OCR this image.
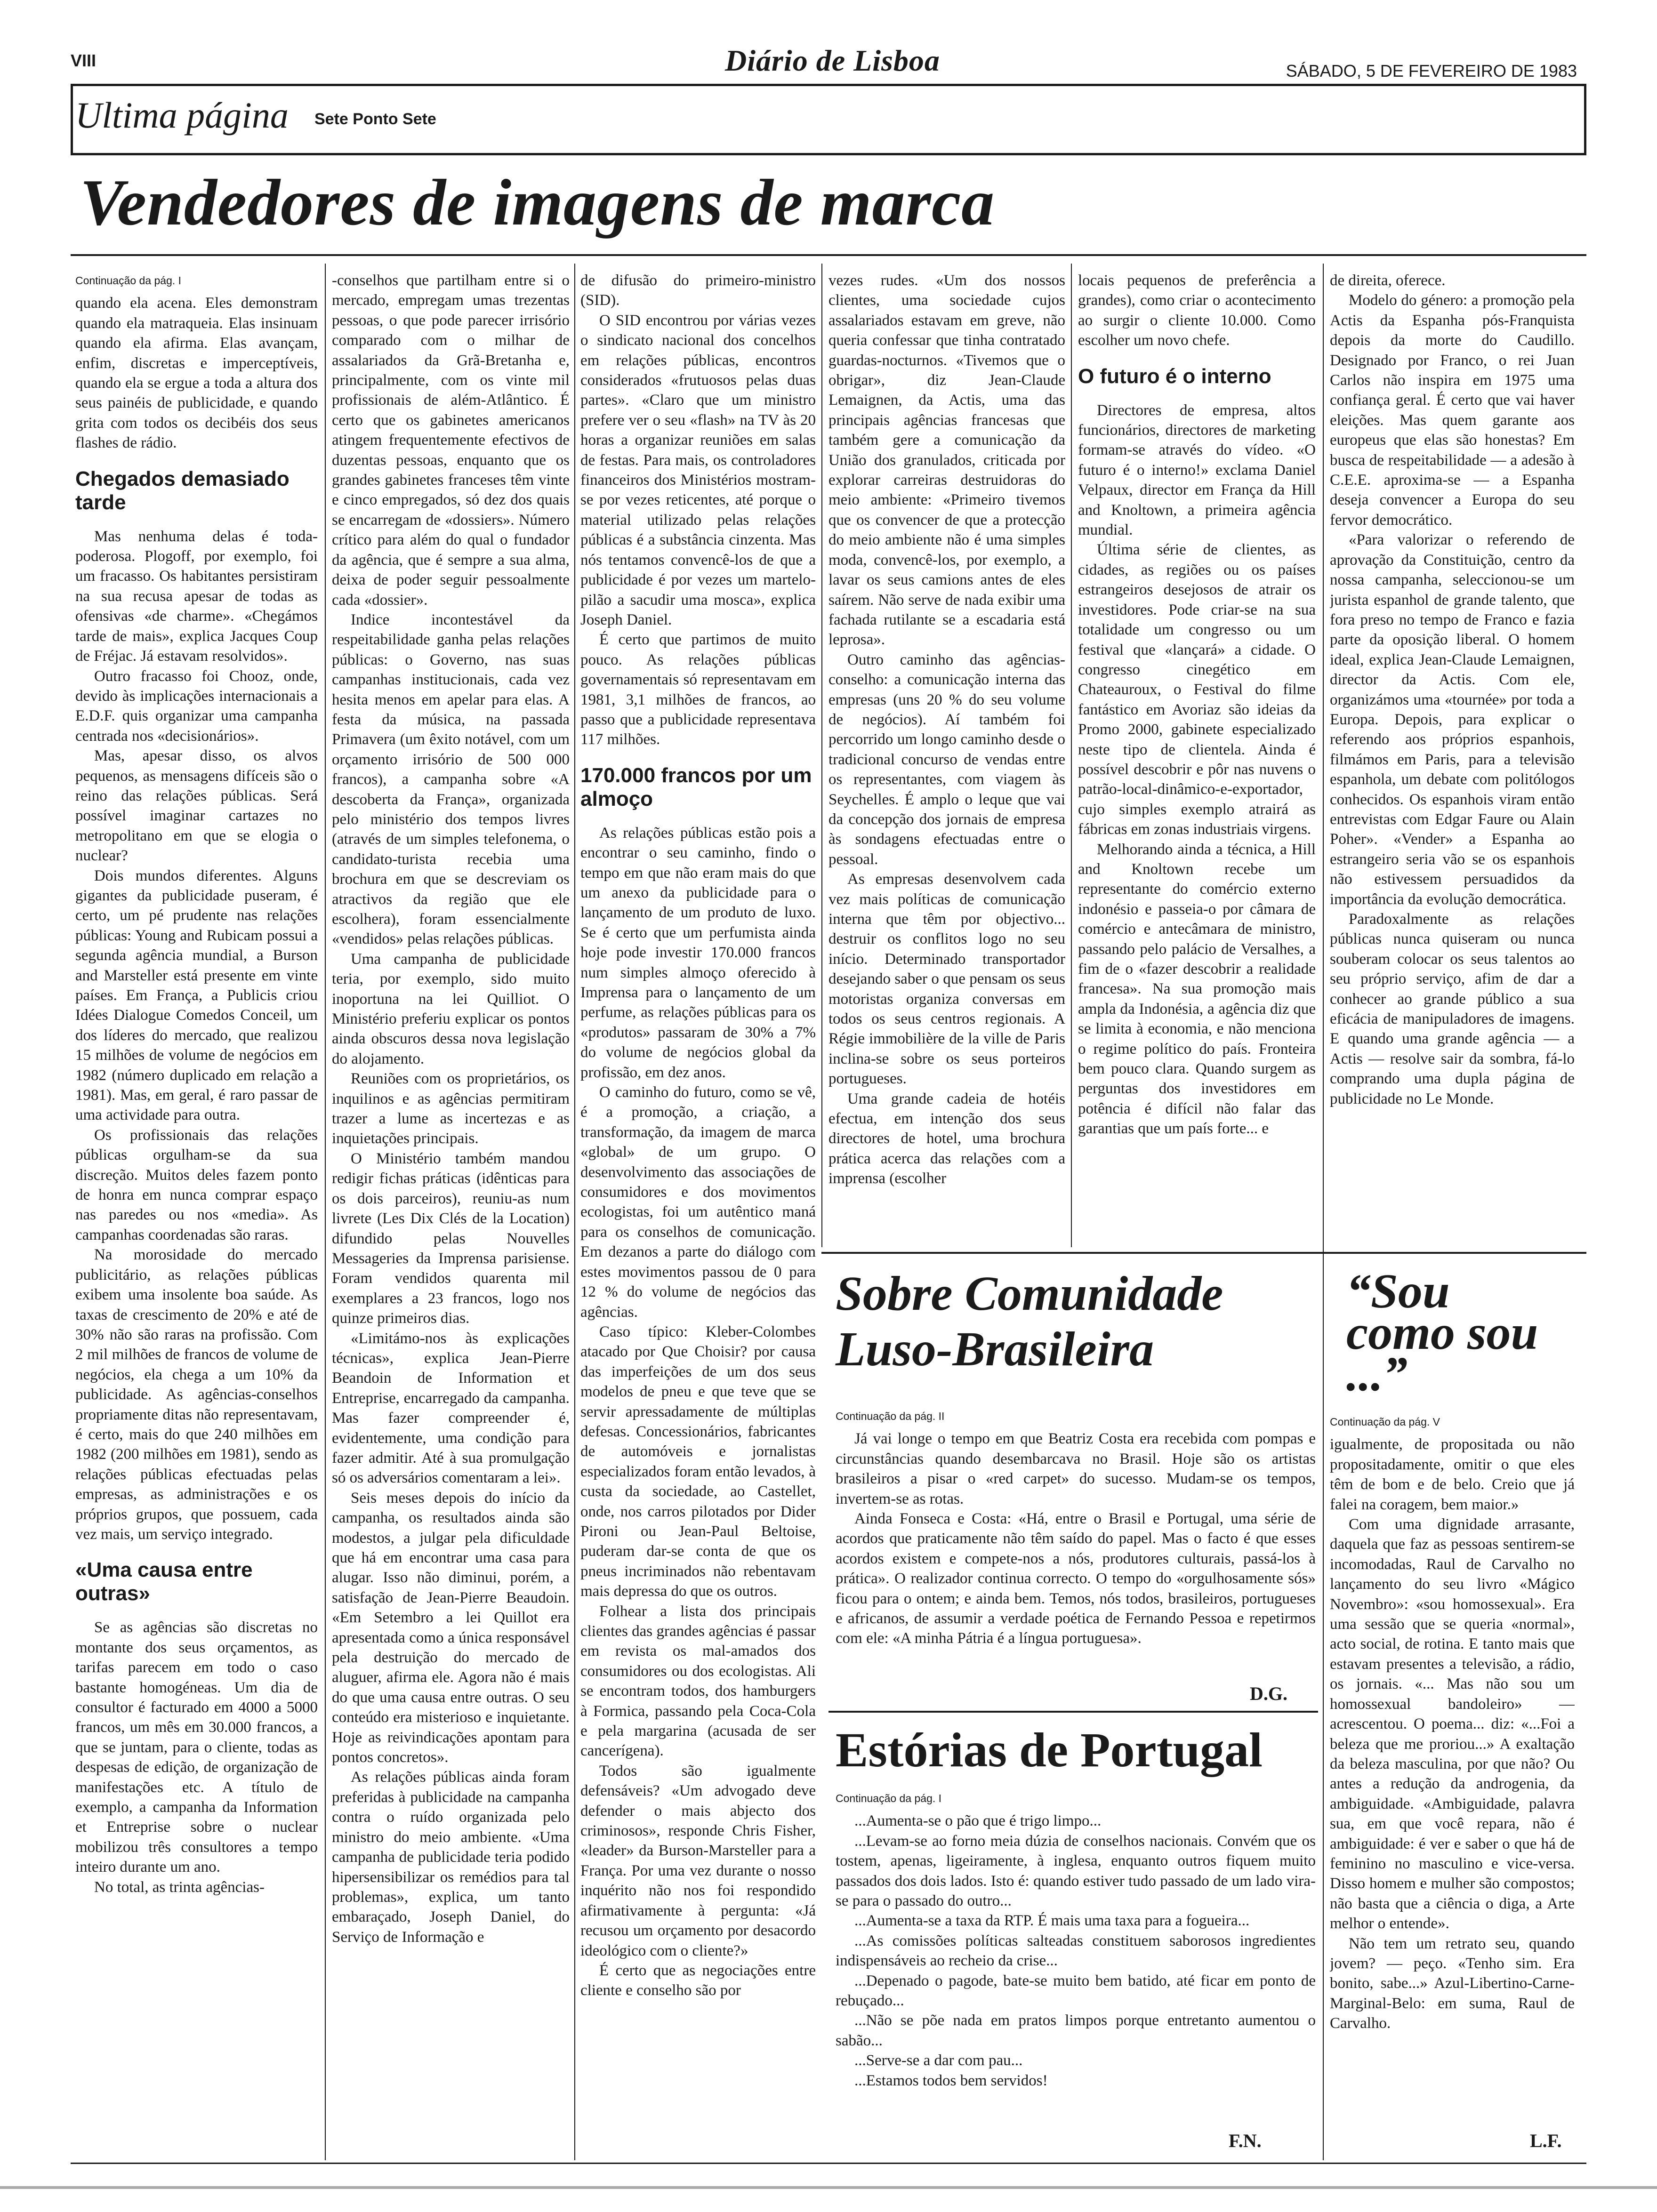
VIII	Diário de Lisboa	SÁBADO, 5 DE FEVEREIRO DE 1983
Ultima página Sete Ponto Sete
Vendedores de imagens de marca

Continuação da pág. I

quando ela acena. Eles demonstram quando ela matraqueia. Elas insinuam quando ela afirma. Elas avançam, enfim, discretas e imperceptíveis, quando ela se ergue a toda a altura dos seus painéis de publicidade, e quando grita com todos os decibéis dos seus flashes de rádio.

Chegados demasiado tarde

Mas nenhuma delas é toda-poderosa. Plogoff, por exemplo, foi um fracasso. Os habitantes persistiram na sua recusa apesar de todas as ofensivas «de charme». «Chegámos tarde de mais», explica Jacques Coup de Fréjac. Já estavam resolvidos».

Outro fracasso foi Chooz, onde, devido às implicações internacionais a E.D.F. quis organizar uma campanha centrada nos «decisionários».

Mas, apesar disso, os alvos pequenos, as mensagens difíceis são o reino das relações públicas. Será possível imaginar cartazes no metropolitano em que se elogia o nuclear?

Dois mundos diferentes. Alguns gigantes da publicidade puseram, é certo, um pé prudente nas relações públicas: Young and Rubicam possui a segunda agência mundial, a Burson and Marsteller está presente em vinte países. Em França, a Publicis criou Idées Dialogue Comedos Conceil, um dos líderes do mercado, que realizou 15 milhões de volume de negócios em 1982 (número duplicado em relação a 1981). Mas, em geral, é raro passar de uma actividade para outra.

Os profissionais das relações públicas orgulham-se da sua discreção. Muitos deles fazem ponto de honra em nunca comprar espaço nas paredes ou nos «media». As campanhas coordenadas são raras.

Na morosidade do mercado publicitário, as relações públicas exibem uma insolente boa saúde. As taxas de crescimento de 20% e até de 30% não são raras na profissão. Com 2 mil milhões de francos de volume de negócios, ela chega a um 10% da publicidade. As agências-conselhos propriamente ditas não representavam, é certo, mais do que 240 milhões em 1982 (200 milhões em 1981), sendo as relações públicas efectuadas pelas empresas, as administrações e os próprios grupos, que possuem, cada vez mais, um serviço integrado.

«Uma causa entre outras»

Se as agências são discretas no montante dos seus orçamentos, as tarifas parecem em todo o caso bastante homogéneas. Um dia de consultor é facturado em 4000 a 5000 francos, um mês em 30.000 francos, a que se juntam, para o cliente, todas as despesas de edição, de organização de manifestações etc. A título de exemplo, a campanha da Information et Entreprise sobre o nuclear mobilizou três consultores a tempo inteiro durante um ano.

No total, as trinta agências-

-conselhos que partilham entre si o mercado, empregam umas trezentas pessoas, o que pode parecer irrisório comparado com o milhar de assalariados da Grã-Bretanha e, principalmente, com os vinte mil profissionais de além-Atlântico. É certo que os gabinetes americanos atingem frequentemente efectivos de duzentas pessoas, enquanto que os grandes gabinetes franceses têm vinte e cinco empregados, só dez dos quais se encarregam de «dossiers». Número crítico para além do qual o fundador da agência, que é sempre a sua alma, deixa de poder seguir pessoalmente cada «dossier».

Indice incontestável da respeitabilidade ganha pelas relações públicas: o Governo, nas suas campanhas institucionais, cada vez hesita menos em apelar para elas. A festa da música, na passada Primavera (um êxito notável, com um orçamento irrisório de 500 000 francos), a campanha sobre «A descoberta da França», organizada pelo ministério dos tempos livres (através de um simples telefonema, o candidato-turista recebia uma brochura em que se descreviam os atractivos da região que ele escolhera), foram essencialmente «vendidos» pelas relações públicas.

Uma campanha de publicidade teria, por exemplo, sido muito inoportuna na lei Quilliot. O Ministério preferiu explicar os pontos ainda obscuros dessa nova legislação do alojamento.

Reuniões com os proprietários, os inquilinos e as agências permitiram trazer a lume as incertezas e as inquietações principais.

O Ministério também mandou redigir fichas práticas (idênticas para os dois parceiros), reuniu-as num livrete (Les Dix Clés de la Location) difundido pelas Nouvelles Messageries da Imprensa parisiense. Foram vendidos quarenta mil exemplares a 23 francos, logo nos quinze primeiros dias.

«Limitámo-nos às explicações técnicas», explica Jean-Pierre Beandoin de Information et Entreprise, encarregado da campanha. Mas fazer compreender é, evidentemente, uma condição para fazer admitir. Até à sua promulgação só os adversários comentaram a lei».

Seis meses depois do início da campanha, os resultados ainda são modestos, a julgar pela dificuldade que há em encontrar uma casa para alugar. Isso não diminui, porém, a satisfação de Jean-Pierre Beaudoin. «Em Setembro a lei Quillot era apresentada como a única responsável pela destruição do mercado de aluguer, afirma ele. Agora não é mais do que uma causa entre outras. O seu conteúdo era misterioso e inquietante. Hoje as reivindicações apontam para pontos concretos».

As relações públicas ainda foram preferidas à publicidade na campanha contra o ruído organizada pelo ministro do meio ambiente. «Uma campanha de publicidade teria podido hipersensibilizar os remédios para tal problemas», explica, um tanto embaraçado, Joseph Daniel, do Serviço de Informação e

de difusão do primeiro-ministro (SID).

O SID encontrou por várias vezes o sindicato nacional dos concelhos em relações públicas, encontros considerados «frutuosos pelas duas partes». «Claro que um ministro prefere ver o seu «flash» na TV às 20 horas a organizar reuniões em salas de festas. Para mais, os controladores financeiros dos Ministérios mostram-se por vezes reticentes, até porque o material utilizado pelas relações públicas é a substância cinzenta. Mas nós tentamos convencê-los de que a publicidade é por vezes um martelo-pilão a sacudir uma mosca», explica Joseph Daniel.

É certo que partimos de muito pouco. As relações públicas governamentais só representavam em 1981, 3,1 milhões de francos, ao passo que a publicidade representava 117 milhões.

170.000 francos por um almoço

As relações públicas estão pois a encontrar o seu caminho, findo o tempo em que não eram mais do que um anexo da publicidade para o lançamento de um produto de luxo. Se é certo que um perfumista ainda hoje pode investir 170.000 francos num simples almoço oferecido à Imprensa para o lançamento de um perfume, as relações públicas para os «produtos» passaram de 30% a 7% do volume de negócios global da profissão, em dez anos.

O caminho do futuro, como se vê, é a promoção, a criação, a transformação, da imagem de marca «global» de um grupo. O desenvolvimento das associações de consumidores e dos movimentos ecologistas, foi um autêntico maná para os conselhos de comunicação. Em dezanos a parte do diálogo com estes movimentos passou de 0 para 12 % do volume de negócios das agências.

Caso típico: Kleber-Colombes atacado por Que Choisir? por causa das imperfeições de um dos seus modelos de pneu e que teve que se servir apressadamente de múltiplas defesas. Concessionários, fabricantes de automóveis e jornalistas especializados foram então levados, à custa da sociedade, ao Castellet, onde, nos carros pilotados por Dider Pironi ou Jean-Paul Beltoise, puderam dar-se conta de que os pneus incriminados não rebentavam mais depressa do que os outros.

Folhear a lista dos principais clientes das grandes agências é passar em revista os mal-amados dos consumidores ou dos ecologistas. Ali se encontram todos, dos hamburgers à Formica, passando pela Coca-Cola e pela margarina (acusada de ser cancerígena).

Todos são igualmente defensáveis? «Um advogado deve defender o mais abjecto dos criminosos», responde Chris Fisher, «leader» da Burson-Marsteller para a França. Por uma vez durante o nosso inquérito não nos foi respondido afirmativamente à pergunta: «Já recusou um orçamento por desacordo ideológico com o cliente?»

É certo que as negociações entre cliente e conselho são por

vezes rudes. «Um dos nossos clientes, uma sociedade cujos assalariados estavam em greve, não queria confessar que tinha contratado guardas-nocturnos. «Tivemos que o obrigar», diz Jean-Claude Lemaignen, da Actis, uma das principais agências francesas que também gere a comunicação da União dos granulados, criticada por explorar carreiras destruidoras do meio ambiente: «Primeiro tivemos que os convencer de que a protecção do meio ambiente não é uma simples moda, convencê-los, por exemplo, a lavar os seus camions antes de eles saírem. Não serve de nada exibir uma fachada rutilante se a escadaria está leprosa».

Outro caminho das agências-conselho: a comunicação interna das empresas (uns 20 % do seu volume de negócios). Aí também foi percorrido um longo caminho desde o tradicional concurso de vendas entre os representantes, com viagem às Seychelles. É amplo o leque que vai da concepção dos jornais de empresa às sondagens efectuadas entre o pessoal.

As empresas desenvolvem cada vez mais políticas de comunicação interna que têm por objectivo... destruir os conflitos logo no seu início. Determinado transportador desejando saber o que pensam os seus motoristas organiza conversas em todos os seus centros regionais. A Régie immobilière de la ville de Paris inclina-se sobre os seus porteiros portugueses.

Uma grande cadeia de hotéis efectua, em intenção dos seus directores de hotel, uma brochura prática acerca das relações com a imprensa (escolher

locais pequenos de preferência a grandes), como criar o acontecimento ao surgir o cliente 10.000. Como escolher um novo chefe.

O futuro é o interno

Directores de empresa, altos funcionários, directores de marketing formam-se através do vídeo. «O futuro é o interno!» exclama Daniel Velpaux, director em França da Hill and Knoltown, a primeira agência mundial.

Última série de clientes, as cidades, as regiões ou os países estrangeiros desejosos de atrair os investidores. Pode criar-se na sua totalidade um congresso ou um festival que «lançará» a cidade. O congresso cinegético em Chateauroux, o Festival do filme fantástico em Avoriaz são ideias da Promo 2000, gabinete especializado neste tipo de clientela. Ainda é possível descobrir e pôr nas nuvens o patrão-local-dinâmico-e-exportador, cujo simples exemplo atrairá as fábricas em zonas industriais virgens.

Melhorando ainda a técnica, a Hill and Knoltown recebe um representante do comércio externo indonésio e passeia-o por câmara de comércio e antecâmara de ministro, passando pelo palácio de Versalhes, a fim de o «fazer descobrir a realidade francesa». Na sua promoção mais ampla da Indonésia, a agência diz que se limita à economia, e não menciona o regime político do país. Fronteira bem pouco clara. Quando surgem as perguntas dos investidores em potência é difícil não falar das garantias que um país forte... e

de direita, oferece.

Modelo do género: a promoção pela Actis da Espanha pós-Franquista depois da morte do Caudillo. Designado por Franco, o rei Juan Carlos não inspira em 1975 uma confiança geral. É certo que vai haver eleições. Mas quem garante aos europeus que elas são honestas? Em busca de respeitabilidade — a adesão à C.E.E. aproxima-se — a Espanha deseja convencer a Europa do seu fervor democrático.

«Para valorizar o referendo de aprovação da Constituição, centro da nossa campanha, seleccionou-se um jurista espanhol de grande talento, que fora preso no tempo de Franco e fazia parte da oposição liberal. O homem ideal, explica Jean-Claude Lemaignen, director da Actis. Com ele, organizámos uma «tournée» por toda a Europa. Depois, para explicar o referendo aos próprios espanhois, filmámos em Paris, para a televisão espanhola, um debate com politólogos conhecidos. Os espanhois viram então entrevistas com Edgar Faure ou Alain Poher». «Vender» a Espanha ao estrangeiro seria vão se os espanhois não estivessem persuadidos da importância da evolução democrática.

Paradoxalmente as relações públicas nunca quiseram ou nunca souberam colocar os seus talentos ao seu próprio serviço, afim de dar a conhecer ao grande público a sua eficácia de manipuladores de imagens. E quando uma grande agência — a Actis — resolve sair da sombra, fá-lo comprando uma dupla página de publicidade no Le Monde.

Sobre Comunidade Luso-Brasileira

Continuação da pág. II

Já vai longe o tempo em que Beatriz Costa era recebida com pompas e circunstâncias quando desembarcava no Brasil. Hoje são os artistas brasileiros a pisar o «red carpet» do sucesso. Mudam-se os tempos, invertem-se as rotas.

Ainda Fonseca e Costa: «Há, entre o Brasil e Portugal, uma série de acordos que praticamente não têm saído do papel. Mas o facto é que esses acordos existem e compete-nos a nós, produtores culturais, passá-los à prática». O realizador continua correcto. O tempo do «orgulhosamente sós» ficou para o ontem; e ainda bem. Temos, nós todos, brasileiros, portugueses e africanos, de assumir a verdade poética de Fernando Pessoa e repetirmos com ele: «A minha Pátria é a língua portuguesa».

D.G.
Estórias de Portugal

Continuação da pág. I

...Aumenta-se o pão que é trigo limpo...

...Levam-se ao forno meia dúzia de conselhos nacionais. Convém que os tostem, apenas, ligeiramente, à inglesa, enquanto outros fiquem muito passados dos dois lados. Isto é: quando estiver tudo passado de um lado vira-se para o passado do outro...

...Aumenta-se a taxa da RTP. É mais uma taxa para a fogueira...

...As comissões políticas salteadas constituem saborosos ingredientes indispensáveis ao recheio da crise...

...Depenado o pagode, bate-se muito bem batido, até ficar em ponto de rebuçado...

...Não se põe nada em pratos limpos porque entretanto aumentou o sabão...

...Serve-se a dar com pau...

...Estamos todos bem servidos!

F.N.
“Sou como sou ...”

Continuação da pág. V

igualmente, de propositada ou não propositadamente, omitir o que eles têm de bom e de belo. Creio que já falei na coragem, bem maior.»

Com uma dignidade arrasante, daquela que faz as pessoas sentirem-se incomodadas, Raul de Carvalho no lançamento do seu livro «Mágico Novembro»: «sou homossexual». Era uma sessão que se queria «normal», acto social, de rotina. E tanto mais que estavam presentes a televisão, a rádio, os jornais. «... Mas não sou um homossexual bandoleiro» — acrescentou. O poema... diz: «...Foi a beleza que me proriou...» A exaltação da beleza masculina, por que não? Ou antes a redução da androgenia, da ambiguidade. «Ambiguidade, palavra sua, em que você repara, não é ambiguidade: é ver e saber o que há de feminino no masculino e vice-versa. Disso homem e mulher são compostos; não basta que a ciência o diga, a Arte melhor o entende».

Não tem um retrato seu, quando jovem? — peço. «Tenho sim. Era bonito, sabe...» Azul-Libertino-Carne-Marginal-Belo: em suma, Raul de Carvalho.

L.F.
